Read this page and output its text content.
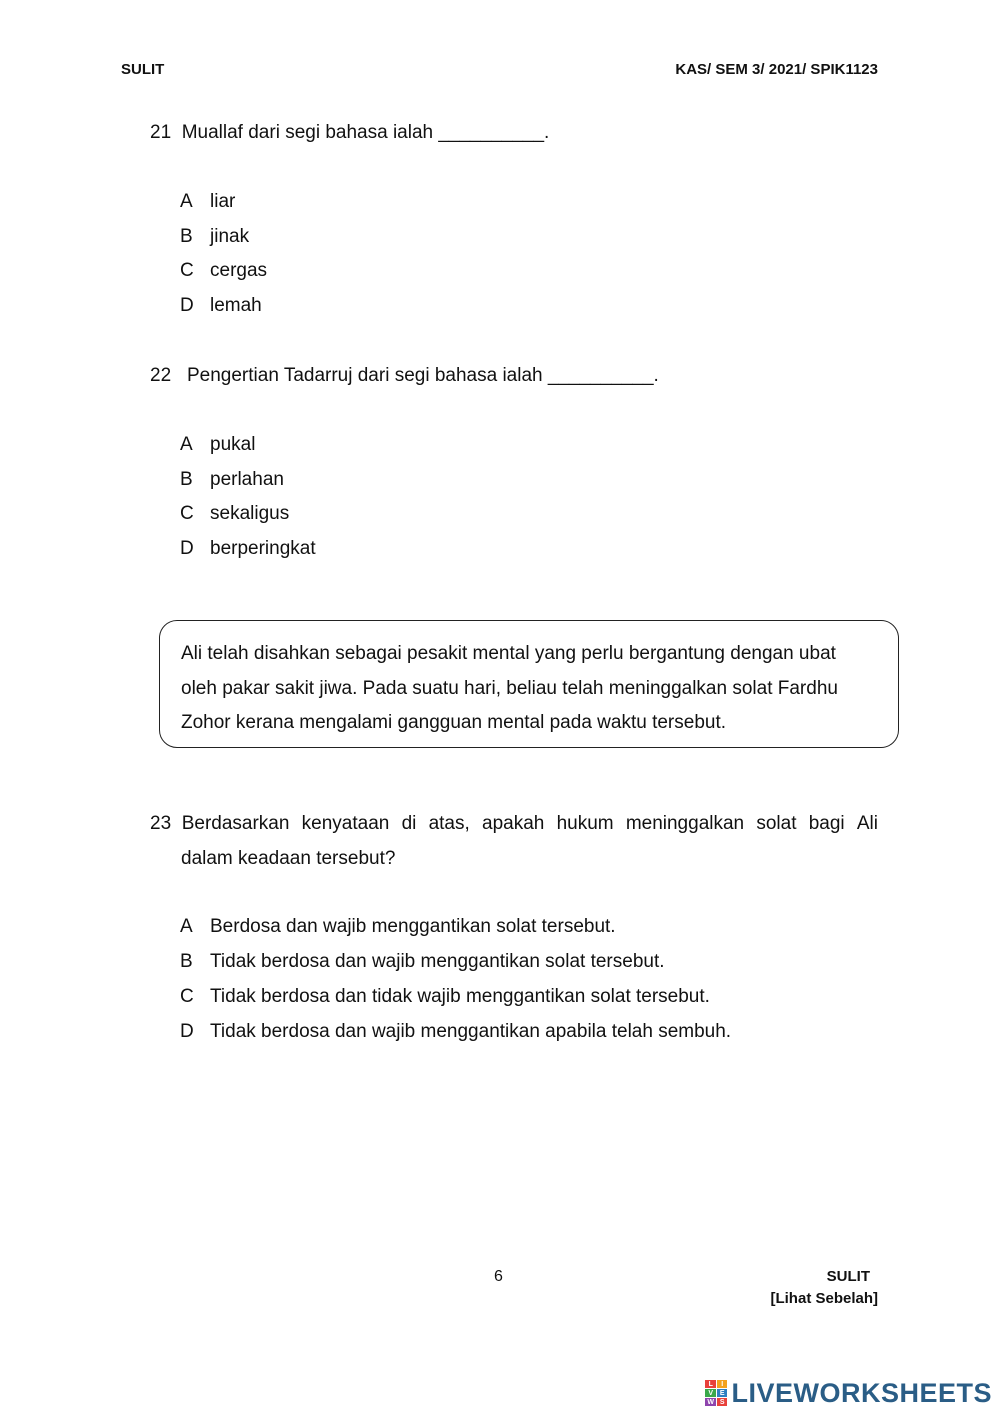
SULIT	KAS/ SEM 3/ 2021/ SPIK1123
21 Muallaf dari segi bahasa ialah __________.
A liar
B jinak
C cergas
D lemah
22 Pengertian Tadarruj dari segi bahasa ialah __________.
A pukal
B perlahan
C sekaligus
D berperingkat

Ali telah disahkan sebagai pesakit mental yang perlu bergantung dengan ubat

oleh pakar sakit jiwa. Pada suatu hari, beliau telah meninggalkan solat Fardhu

Zohor kerana mengalami gangguan mental pada waktu tersebut.

23 Berdasarkan kenyataan di atas, apakah hukum meninggalkan solat bagi Ali
dalam keadaan tersebut?
A Berdosa dan wajib menggantikan solat tersebut.
B Tidak berdosa dan wajib menggantikan solat tersebut.
C Tidak berdosa dan tidak wajib menggantikan solat tersebut.
D Tidak berdosa dan wajib menggantikan apabila telah sembuh.
6	SULIT
[Lihat Sebelah]
L	I
V E
W S LIVEWORKSHEETS
